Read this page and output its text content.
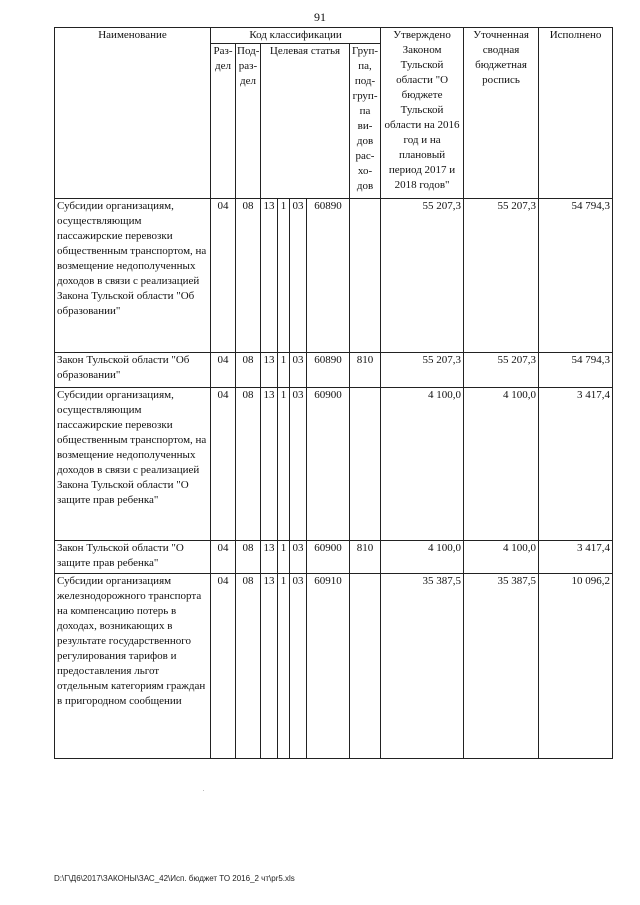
91
Наименование	Код классификации							Утверждено Законом Тульской области "О бюджете Тульской области на 2016 год и на плановый период 2017 и 2018 годов"	Уточненная сводная бюджетная роспись	Исполнено
	Раз-дел	Под-раз-дел	Целевая статья				Груп-па, под-груп-па ви-дов рас-хо-дов			
Субсидии организациям, осуществляющим пассажирские перевозки общественным транспортом, на возмещение недополученных доходов в связи с реализацией Закона Тульской области "Об образовании"	04	08	13	1	03	60890		55 207,3	55 207,3	54 794,3
Закон Тульской области "Об образовании"	04	08	13	1	03	60890	810	55 207,3	55 207,3	54 794,3
Субсидии организациям, осуществляющим пассажирские перевозки общественным транспортом, на возмещение недополученных доходов в связи с реализацией Закона Тульской области "О защите прав ребенка"	04	08	13	1	03	60900		4 100,0	4 100,0	3 417,4
Закон Тульской области "О защите прав ребенка"	04	08	13	1	03	60900	810	4 100,0	4 100,0	3 417,4
Субсидии организациям железнодорожного транспорта на компенсацию потерь в доходах, возникающих в результате государственного регулирования тарифов и предоставления льгот отдельным категориям граждан в пригородном сообщении	04	08	13	1	03	60910		35 387,5	35 387,5	10 096,2
D:\Г\Д6\2017\ЗАКОНЫ\ЗАС_42\Исп. бюджет ТО 2016_2 чт\pr5.xls
